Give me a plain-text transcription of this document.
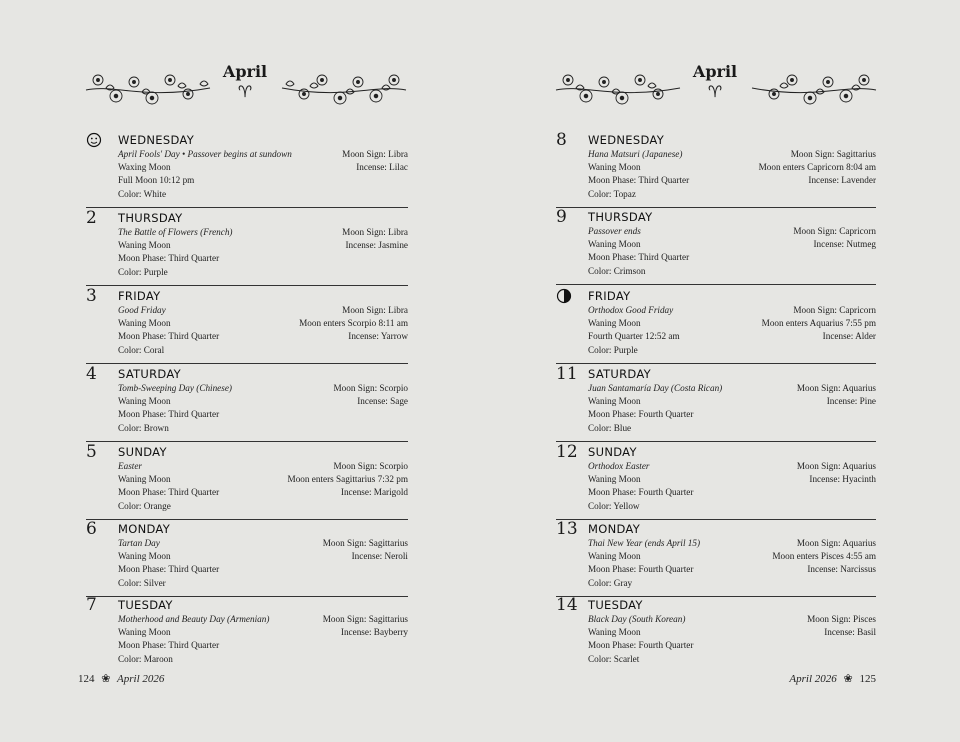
April
♈
WEDNESDAY
April Fools' Day • Passover begins at sundown
Waxing Moon
Full Moon 10:12 pm
Color: White
Moon Sign: Libra
Incense: Lilac
2	THURSDAY
The Battle of Flowers (French)
Waning Moon
Moon Phase: Third Quarter
Color: Purple
Moon Sign: Libra
Incense: Jasmine
3	FRIDAY
Good Friday
Waning Moon
Moon Phase: Third Quarter
Color: Coral
Moon Sign: Libra
Moon enters Scorpio 8:11 am
Incense: Yarrow
4	SATURDAY
Tomb-Sweeping Day (Chinese)
Waning Moon
Moon Phase: Third Quarter
Color: Brown
Moon Sign: Scorpio
Incense: Sage
5	SUNDAY
Easter
Waning Moon
Moon Phase: Third Quarter
Color: Orange
Moon Sign: Scorpio
Moon enters Sagittarius 7:32 pm
Incense: Marigold
6	MONDAY
Tartan Day
Waning Moon
Moon Phase: Third Quarter
Color: Silver
Moon Sign: Sagittarius
Incense: Neroli
7	TUESDAY
Motherhood and Beauty Day (Armenian)
Waning Moon
Moon Phase: Third Quarter
Color: Maroon
Moon Sign: Sagittarius
Incense: Bayberry
124 ❀ April 2026
April
♈
8	WEDNESDAY
Hana Matsuri (Japanese)
Waning Moon
Moon Phase: Third Quarter
Color: Topaz
Moon Sign: Sagittarius
Moon enters Capricorn 8:04 am
Incense: Lavender
9	THURSDAY
Passover ends
Waning Moon
Moon Phase: Third Quarter
Color: Crimson
Moon Sign: Capricorn
Incense: Nutmeg
FRIDAY
Orthodox Good Friday
Waning Moon
Fourth Quarter 12:52 am
Color: Purple
Moon Sign: Capricorn
Moon enters Aquarius 7:55 pm
Incense: Alder
11 SATURDAY
Juan Santamaría Day (Costa Rican)
Waning Moon
Moon Phase: Fourth Quarter
Color: Blue
Moon Sign: Aquarius
Incense: Pine
12 SUNDAY
Orthodox Easter
Waning Moon
Moon Phase: Fourth Quarter
Color: Yellow
Moon Sign: Aquarius
Incense: Hyacinth
13 MONDAY
Thai New Year (ends April 15)
Waning Moon
Moon Phase: Fourth Quarter
Color: Gray
Moon Sign: Aquarius
Moon enters Pisces 4:55 am
Incense: Narcissus
14 TUESDAY
Black Day (South Korean)
Waning Moon
Moon Phase: Fourth Quarter
Color: Scarlet
Moon Sign: Pisces
Incense: Basil
April 2026 ❀ 125
